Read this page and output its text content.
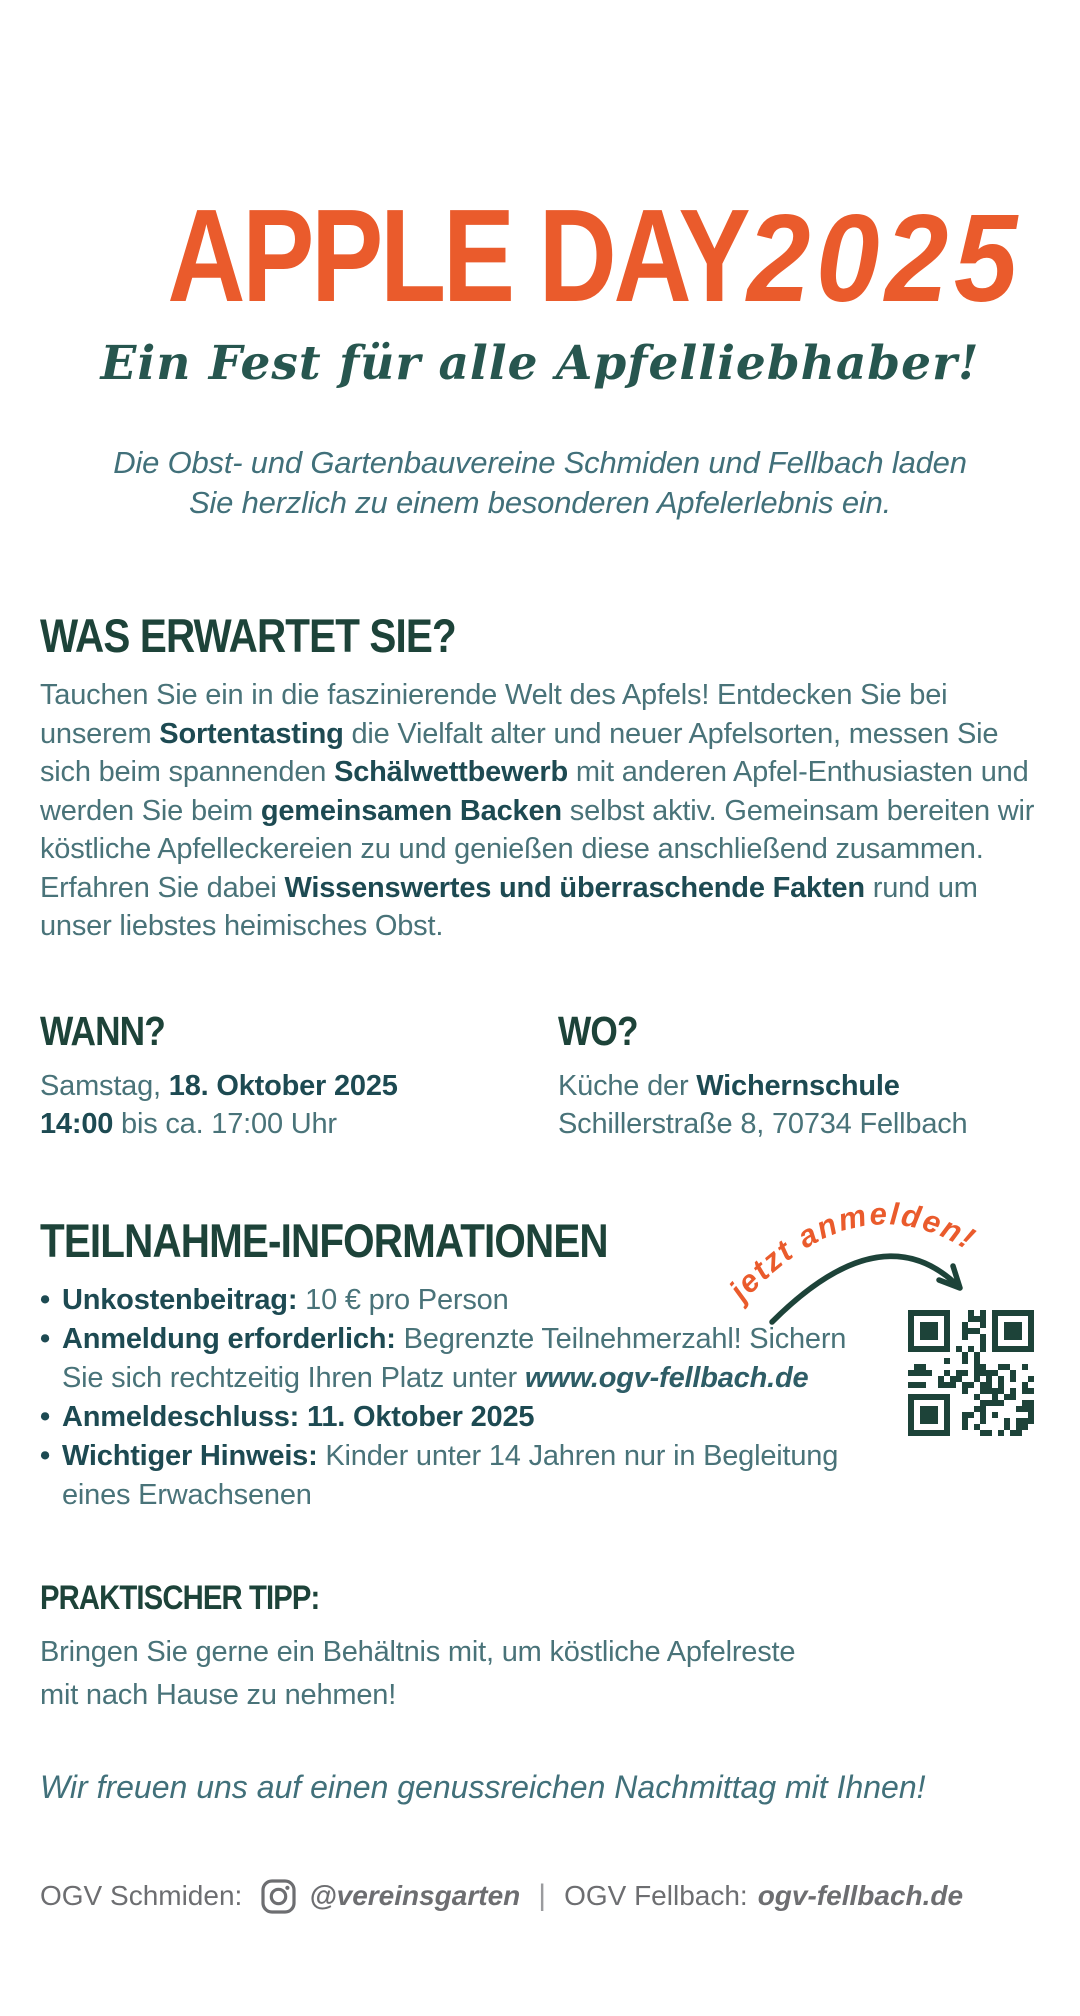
APPLE DAY2025
Ein Fest für alle Apfelliebhaber!
Die Obst- und Gartenbauvereine Schmiden und Fellbach laden
Sie herzlich zu einem besonderen Apfelerlebnis ein.
WAS ERWARTET SIE?

Tauchen Sie ein in die faszinierende Welt des Apfels! Entdecken Sie bei unserem Sortentasting die Vielfalt alter und neuer Apfelsorten, messen Sie sich beim spannenden Schälwettbewerb mit anderen Apfel-Enthusiasten und werden Sie beim gemeinsamen Backen selbst aktiv. Gemeinsam bereiten wir köstliche Apfelleckereien zu und genießen diese anschließend zusammen. Erfahren Sie dabei Wissenswertes und überraschende Fakten rund um unser liebstes heimisches Obst.

WANN?
Samstag, 18. Oktober 2025
14:00 bis ca. 17:00 Uhr
WO?
Küche der Wichernschule
Schillerstraße 8, 70734 Fellbach
TEILNAHME-INFORMATIONEN
• Unkostenbeitrag: 10 € pro Person
• Anmeldung erforderlich: Begrenzte Teilnehmerzahl! Sichern Sie sich rechtzeitig Ihren Platz unter www.ogv-fellbach.de
• Anmeldeschluss: 11. Oktober 2025
• Wichtiger Hinweis: Kinder unter 14 Jahren nur in Begleitung eines Erwachsenen
jetzt anmelden!
PRAKTISCHER TIPP:
Bringen Sie gerne ein Behältnis mit, um köstliche Apfelreste
mit nach Hause zu nehmen!
Wir freuen uns auf einen genussreichen Nachmittag mit Ihnen!
OGV Schmiden: @vereinsgarten | OGV Fellbach: ogv-fellbach.de
